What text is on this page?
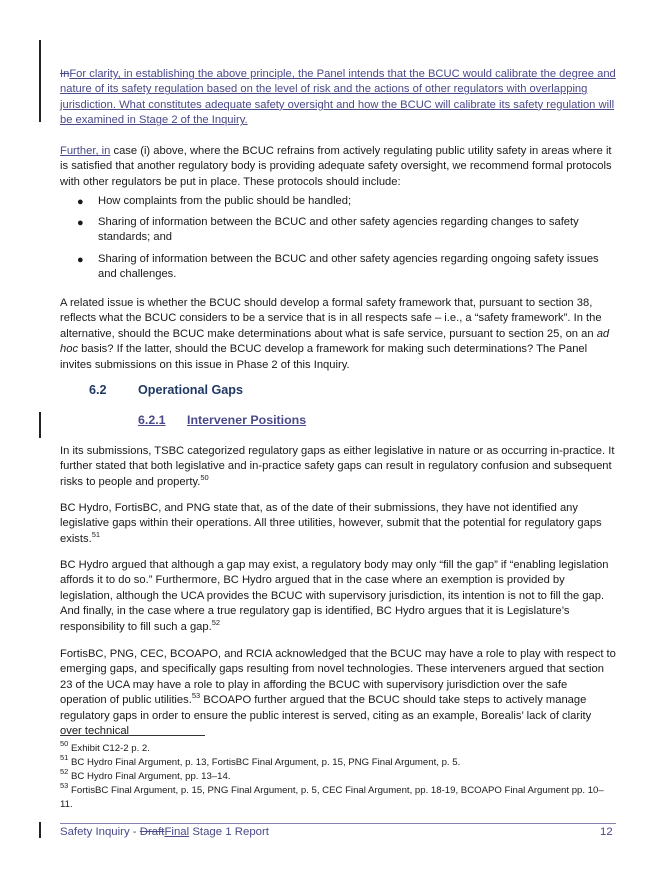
InFor clarity, in establishing the above principle, the Panel intends that the BCUC would calibrate the degree and nature of its safety regulation based on the level of risk and the actions of other regulators with overlapping jurisdiction. What constitutes adequate safety oversight and how the BCUC will calibrate its safety regulation will be examined in Stage 2 of the Inquiry.

Further, in case (i) above, where the BCUC refrains from actively regulating public utility safety in areas where it is satisfied that another regulatory body is providing adequate safety oversight, we recommend formal protocols with other regulators be put in place. These protocols should include:

● How complaints from the public should be handled;

● Sharing of information between the BCUC and other safety agencies regarding changes to safety standards; and

● Sharing of information between the BCUC and other safety agencies regarding ongoing safety issues and challenges.

A related issue is whether the BCUC should develop a formal safety framework that, pursuant to section 38, reflects what the BCUC considers to be a service that is in all respects safe – i.e., a “safety framework”. In the alternative, should the BCUC make determinations about what is safe service, pursuant to section 25, on an ad hoc basis? If the latter, should the BCUC develop a framework for making such determinations? The Panel invites submissions on this issue in Phase 2 of this Inquiry.

6.2 Operational Gaps
6.2.1 Intervener Positions

In its submissions, TSBC categorized regulatory gaps as either legislative in nature or as occurring in-practice. It further stated that both legislative and in-practice safety gaps can result in regulatory confusion and subsequent risks to people and property.$^{50}$

BC Hydro, FortisBC, and PNG state that, as of the date of their submissions, they have not identified any legislative gaps within their operations. All three utilities, however, submit that the potential for regulatory gaps exists.$^{51}$

BC Hydro argued that although a gap may exist, a regulatory body may only “fill the gap” if “enabling legislation affords it to do so.” Furthermore, BC Hydro argued that in the case where an exemption is provided by legislation, although the UCA provides the BCUC with supervisory jurisdiction, its intention is not to fill the gap. And finally, in the case where a true regulatory gap is identified, BC Hydro argues that it is Legislature’s responsibility to fill such a gap.$^{52}$

FortisBC, PNG, CEC, BCOAPO, and RCIA acknowledged that the BCUC may have a role to play with respect to emerging gaps, and specifically gaps resulting from novel technologies. These interveners argued that section 23 of the UCA may have a role to play in affording the BCUC with supervisory jurisdiction over the safe operation of public utilities.$^{53}$ BCOAPO further argued that the BCUC should take steps to actively manage regulatory gaps in order to ensure the public interest is served, citing as an example, Borealis’ lack of clarity over technical

$^{50}$ Exhibit C12-2 p. 2.

$^{51}$ BC Hydro Final Argument, p. 13, FortisBC Final Argument, p. 15, PNG Final Argument, p. 5.

$^{52}$ BC Hydro Final Argument, pp. 13–14.

$^{53}$ FortisBC Final Argument, p. 15, PNG Final Argument, p. 5, CEC Final Argument, pp. 18-19, BCOAPO Final Argument pp. 10–11.

Safety Inquiry - DraftFinal Stage 1 Report	12
